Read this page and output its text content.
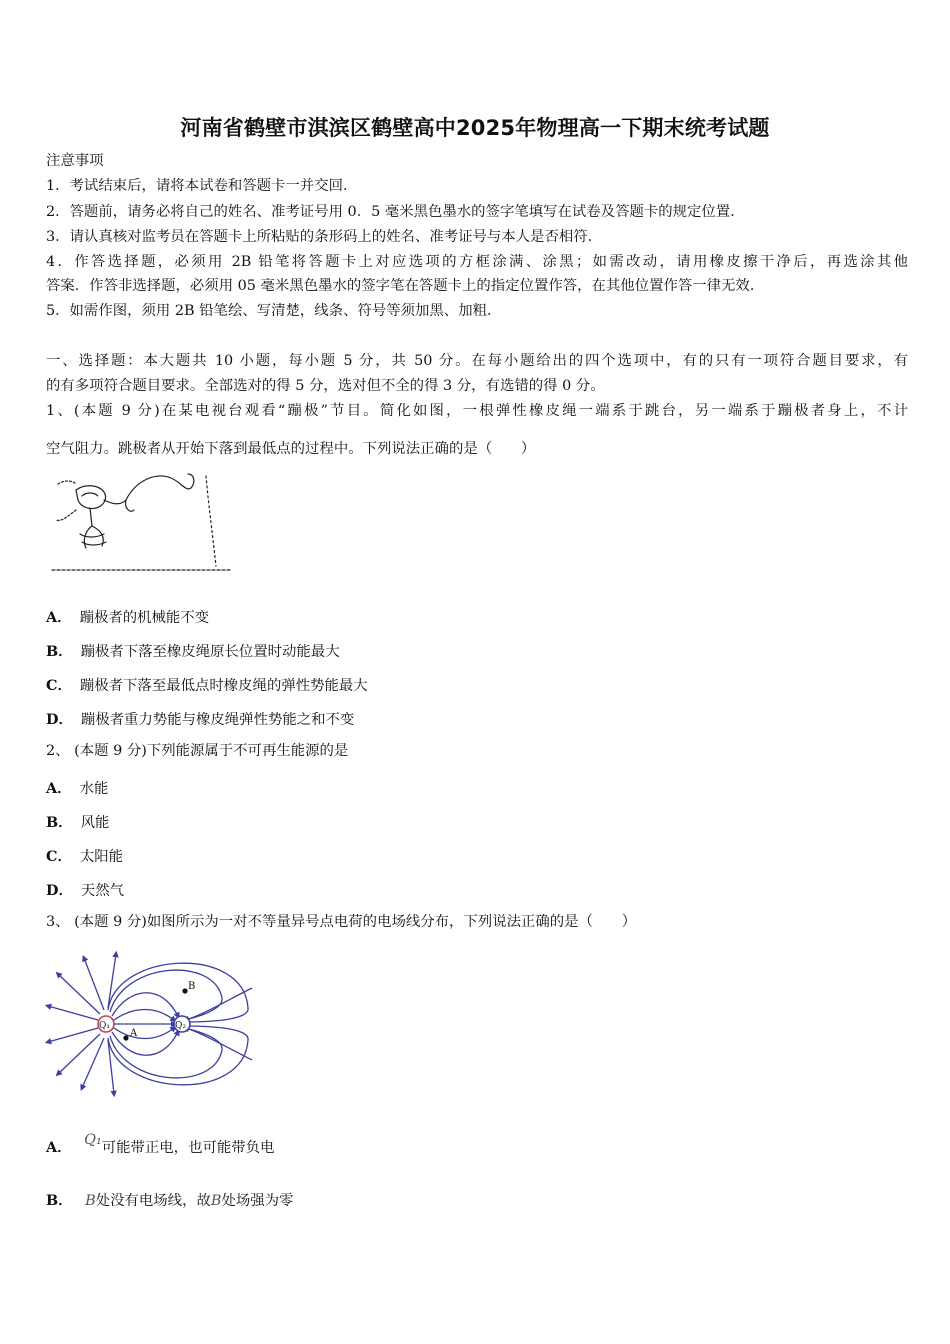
河南省鹤壁市淇滨区鹤壁高中2025年物理高一下期末统考试题
注意事项
1．考试结束后，请将本试卷和答题卡一并交回．
2．答题前，请务必将自己的姓名、准考证号用 0．5 毫米黑色墨水的签字笔填写在试卷及答题卡的规定位置．
3．请认真核对监考员在答题卡上所粘贴的条形码上的姓名、准考证号与本人是否相符．
4．作答选择题，必须用 2B 铅笔将答题卡上对应选项的方框涂满、涂黑；如需改动，请用橡皮擦干净后，再选涂其他
答案．作答非选择题，必须用 05 毫米黑色墨水的签字笔在答题卡上的指定位置作答，在其他位置作答一律无效．
5．如需作图，须用 2B 铅笔绘、写清楚，线条、符号等须加黑、加粗．
一、选择题：本大题共 10 小题，每小题 5 分，共 50 分。在每小题给出的四个选项中，有的只有一项符合题目要求，有
的有多项符合题目要求。全部选对的得 5 分，选对但不全的得 3 分，有选错的得 0 分。
1、(本题 9 分)在某电视台观看“蹦极”节目。简化如图，一根弹性橡皮绳一端系于跳台，另一端系于蹦极者身上，不计
空气阻力。跳极者从开始下落到最低点的过程中。下列说法正确的是（　　）
A． 蹦极者的机械能不变
B． 蹦极者下落至橡皮绳原长位置时动能最大
C． 蹦极者下落至最低点时橡皮绳的弹性势能最大
D． 蹦极者重力势能与橡皮绳弹性势能之和不变
2、 (本题 9 分)下列能源属于不可再生能源的是
A． 水能
B． 风能
C． 太阳能
D． 天然气
3、 (本题 9 分)如图所示为一对不等量异号点电荷的电场线分布，下列说法正确的是（　　）
Q₁	Q₂
A
B
A． Q₁可能带正电，也可能带负电
B． B处没有电场线，故B处场强为零
